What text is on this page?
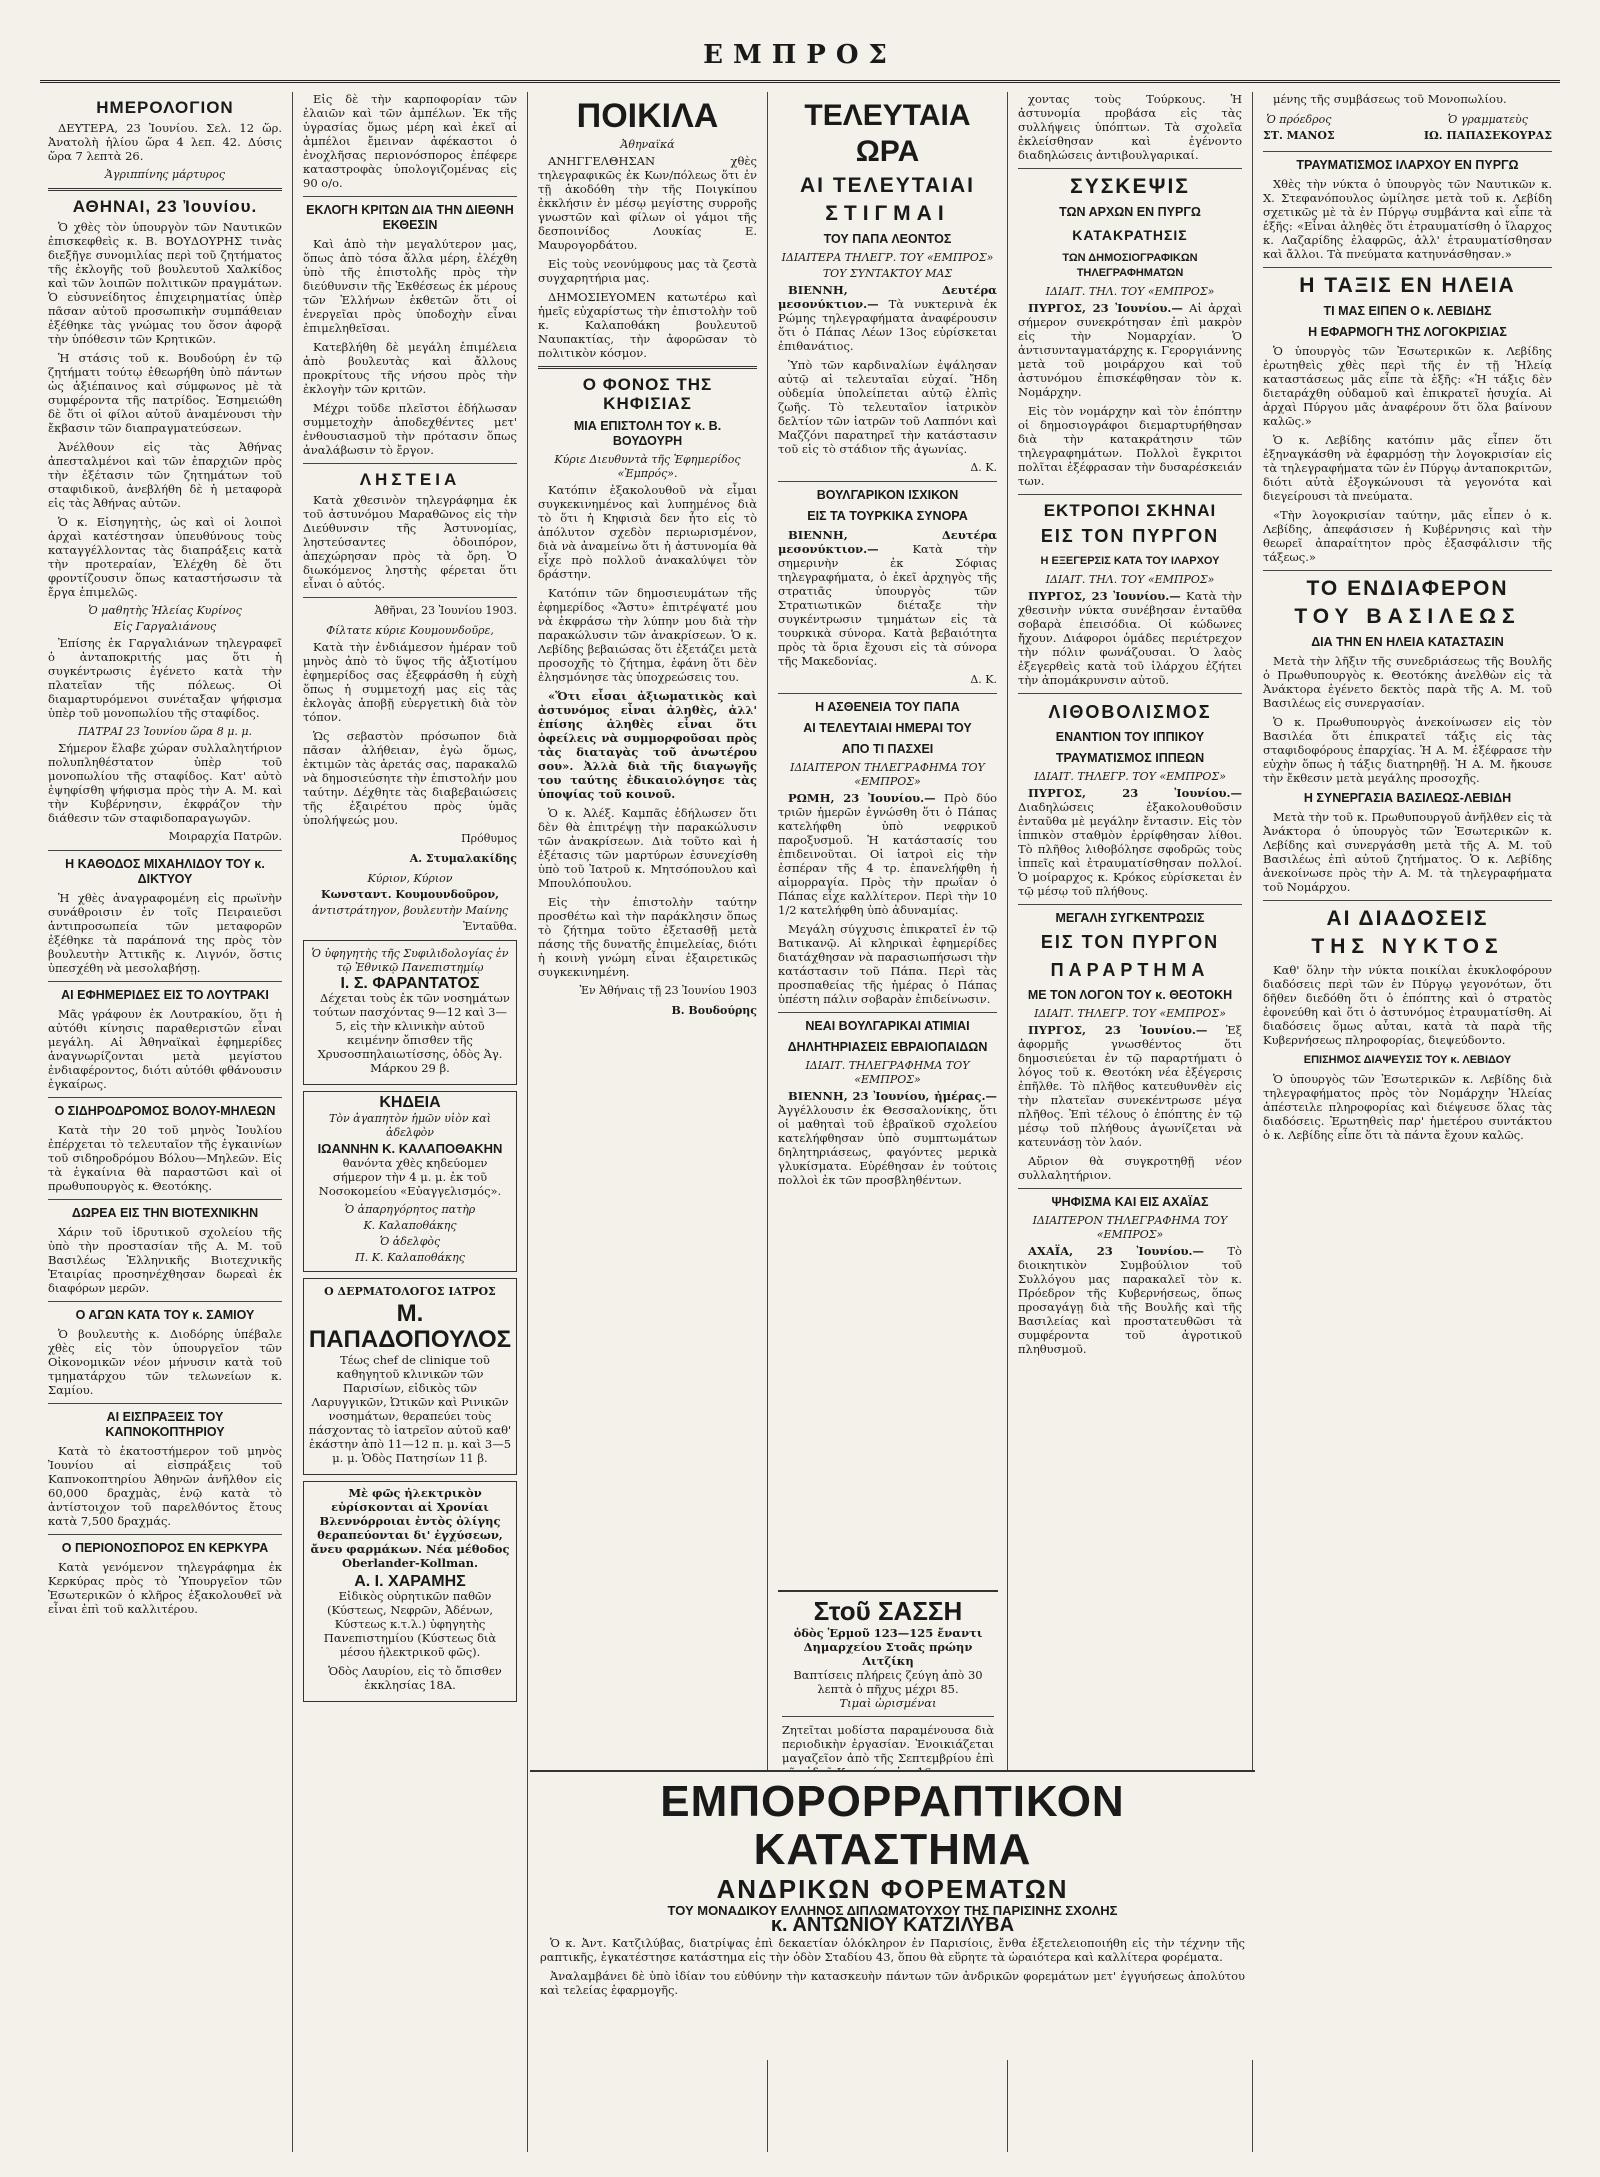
ΕΜΠΡΟΣ
ΗΜΕΡΟΛΟΓΙΟΝ

ΔΕΥΤΕΡΑ, 23 Ἰουνίου. Σελ. 12 ὥρ. Ἀνατολὴ ἡλίου ὥρα 4 λεπ. 42. Δύσις ὥρα 7 λεπτὰ 26.

Ἀγριππίνης μάρτυρος
ΑΘΗΝΑΙ, 23 Ἰουνίου.

Ὁ χθὲς τὸν ὑπουργὸν τῶν Ναυτικῶν ἐπισκεφθεὶς κ. Β. ΒΟΥΔΟΥΡΗΣ τινὰς διεξῆγε συνομιλίας περὶ τοῦ ζητήματος τῆς ἐκλογῆς τοῦ βουλευτοῦ Χαλκίδος καὶ τῶν λοιπῶν πολιτικῶν πραγμάτων. Ὁ εὐσυνείδητος ἐπιχειρηματίας ὑπὲρ πᾶσαν αὐτοῦ προσωπικὴν συμπάθειαν ἐξέθηκε τὰς γνώμας του ὅσον ἀφορᾷ τὴν ὑπόθεσιν τῶν Κρητικῶν.

Ἡ στάσις τοῦ κ. Βουδούρη ἐν τῷ ζητήματι τούτῳ ἐθεωρήθη ὑπὸ πάντων ὡς ἀξιέπαινος καὶ σύμφωνος μὲ τὰ συμφέροντα τῆς πατρίδος. Ἐσημειώθη δὲ ὅτι οἱ φίλοι αὐτοῦ ἀναμένουσι τὴν ἔκβασιν τῶν διαπραγματεύσεων.

Ἀνέλθουν εἰς τὰς Ἀθήνας ἀπεσταλμένοι καὶ τῶν ἐπαρχιῶν πρὸς τὴν ἐξέτασιν τῶν ζητημάτων τοῦ σταφιδικοῦ, ἀνεβλήθη δὲ ἡ μεταφορὰ εἰς τὰς Ἀθήνας αὐτῶν.

Ὁ κ. Εἰσηγητὴς, ὡς καὶ οἱ λοιποὶ ἀρχαὶ κατέστησαν ὑπευθύνους τοὺς καταγγέλλοντας τὰς διαπράξεις κατὰ τὴν προτεραίαν, Ἐλέχθη δὲ ὅτι φροντίζουσιν ὅπως καταστήσωσιν τὰ ἔργα ἐπιμελῶς.

Ὁ μαθητὴς Ἠλείας Κυρίνος
Εἰς Γαργαλιάνους

Ἐπίσης ἐκ Γαργαλιάνων τηλεγραφεῖ ὁ ἀνταποκριτής μας ὅτι ἡ συγκέντρωσις ἐγένετο κατὰ τὴν πλατεῖαν τῆς πόλεως. Οἱ διαμαρτυρόμενοι συνέταξαν ψήφισμα ὑπὲρ τοῦ μονοπωλίου τῆς σταφίδος.

ΠΑΤΡΑΙ 23 Ἰουνίου ὥρα 8 μ. μ.

Σήμερον ἔλαβε χώραν συλλαλητήριον πολυπληθέστατον ὑπὲρ τοῦ μονοπωλίου τῆς σταφίδος. Κατ' αὐτὸ ἐψηφίσθη ψήφισμα πρὸς τὴν Α. Μ. καὶ τὴν Κυβέρνησιν, ἐκφράζον τὴν διάθεσιν τῶν σταφιδοπαραγωγῶν.

Μοιραρχία Πατρῶν.
Η ΚΑΘΟΔΟΣ ΜΙΧΑΗΛΙΔΟΥ ΤΟΥ κ. ΔΙΚΤΥΟΥ

Ἡ χθὲς ἀναγραφομένη εἰς πρωϊνὴν συνάθροισιν ἐν τοῖς Πειραιεῦσι ἀντιπροσωπεία τῶν μεταφορῶν ἐξέθηκε τὰ παράπονά της πρὸς τὸν βουλευτὴν Ἀττικῆς κ. Λιγνόν, ὅστις ὑπεσχέθη νὰ μεσολαβήσῃ.

ΑΙ ΕΦΗΜΕΡΙΔΕΣ ΕΙΣ ΤΟ ΛΟΥΤΡΑΚΙ

Μᾶς γράφουν ἐκ Λουτρακίου, ὅτι ἡ αὐτόθι κίνησις παραθεριστῶν εἶναι μεγάλη. Αἱ Ἀθηναϊκαὶ ἐφημερίδες ἀναγνωρίζονται μετὰ μεγίστου ἐνδιαφέροντος, διότι αὐτόθι φθάνουσιν ἐγκαίρως.

Ο ΣΙΔΗΡΟΔΡΟΜΟΣ ΒΟΛΟΥ-ΜΗΛΕΩΝ

Κατὰ τὴν 20 τοῦ μηνὸς Ἰουλίου ἐπέρχεται τὸ τελευταῖον τῆς ἐγκαινίων τοῦ σιδηροδρόμου Βόλου—Μηλεῶν. Εἰς τὰ ἐγκαίνια θὰ παραστῶσι καὶ οἱ πρωθυπουργὸς κ. Θεοτόκης.

ΔΩΡΕΑ ΕΙΣ ΤΗΝ ΒΙΟΤΕΧΝΙΚΗΝ

Χάριν τοῦ ἱδρυτικοῦ σχολείου τῆς ὑπὸ τὴν προστασίαν τῆς Α. Μ. τοῦ Βασιλέως Ἑλληνικῆς Βιοτεχνικῆς Ἑταιρίας προσηνέχθησαν δωρεαὶ ἐκ διαφόρων μερῶν.

Ο ΑΓΩΝ ΚΑΤΑ ΤΟΥ κ. ΣΑΜΙΟΥ

Ὁ βουλευτὴς κ. Διοδόρης ὑπέβαλε χθὲς εἰς τὸν ὑπουργεῖον τῶν Οἰκονομικῶν νέον μήνυσιν κατὰ τοῦ τμηματάρχου τῶν τελωνείων κ. Σαμίου.

ΑΙ ΕΙΣΠΡΑΞΕΙΣ ΤΟΥ ΚΑΠΝΟΚΟΠΤΗΡΙΟΥ

Κατὰ τὸ ἑκατοστήμερον τοῦ μηνὸς Ἰουνίου αἱ εἰσπράξεις τοῦ Καπνοκοπτηρίου Ἀθηνῶν ἀνῆλθον εἰς 60,000 δραχμὰς, ἐνῷ κατὰ τὸ ἀντίστοιχον τοῦ παρελθόντος ἔτους κατὰ 7,500 δραχμάς.

Ο ΠΕΡΙΟΝΟΣΠΟΡΟΣ ΕΝ ΚΕΡΚΥΡΑ

Κατὰ γενόμενον τηλεγράφημα ἐκ Κερκύρας πρὸς τὸ Ὑπουργεῖον τῶν Ἐσωτερικῶν ὁ κλῆρος ἐξακολουθεῖ νὰ εἶναι ἐπὶ τοῦ καλλιτέρου.

Εἰς δὲ τὴν καρποφορίαν τῶν ἐλαιῶν καὶ τῶν ἀμπέλων. Ἐκ τῆς ὑγρασίας ὅμως μέρη καὶ ἐκεῖ αἱ ἀμπέλοι ἔμειναν ἀφέκαστοι ὁ ἐνοχλῆσας περιονόσπορος ἐπέφερε καταστροφὰς ὑπολογιζομένας εἰς 90 ο/ο.

ΕΚΛΟΓΗ ΚΡΙΤΩΝ ΔΙΑ ΤΗΝ ΔΙΕΘΝΗ ΕΚΘΕΣΙΝ

Καὶ ἀπὸ τὴν μεγαλύτερον μας, ὅπως ἀπὸ τόσα ἄλλα μέρη, ἐλέχθη ὑπὸ τῆς ἐπιστολῆς πρὸς τὴν διεύθυνσιν τῆς Ἐκθέσεως ἐκ μέρους τῶν Ἑλλήνων ἐκθετῶν ὅτι οἱ ἐνεργεῖαι πρὸς ὑποδοχὴν εἶναι ἐπιμεληθεῖσαι.

Κατεβλήθη δὲ μεγάλη ἐπιμέλεια ἀπὸ βουλευτὰς καὶ ἄλλους προκρίτους τῆς νήσου πρὸς τὴν ἐκλογὴν τῶν κριτῶν.

Μέχρι τοῦδε πλεῖστοι ἐδήλωσαν συμμετοχὴν ἀποδεχθέντες μετ' ἐνθουσιασμοῦ τὴν πρότασιν ὅπως ἀναλάβωσιν τὸ ἔργον.

ΛΗΣΤΕΙΑ

Κατὰ χθεσινὸν τηλεγράφημα ἐκ τοῦ ἀστυνόμου Μαραθῶνος εἰς τὴν Διεύθυνσιν τῆς Ἀστυνομίας, ληστεύσαντες ὁδοιπόρον, ἀπεχώρησαν πρὸς τὰ ὄρη. Ὁ διωκόμενος ληστὴς φέρεται ὅτι εἶναι ὁ αὐτός.

Ἀθῆναι, 23 Ἰουνίου 1903.
Φίλτατε κύριε Κουμουνδοῦρε,

Κατὰ τὴν ἐνδιάμεσον ἡμέραν τοῦ μηνὸς ἀπὸ τὸ ὕψος τῆς ἀξιοτίμου ἐφημερίδος σας ἐξεφράσθη ἡ εὐχὴ ὅπως ἡ συμμετοχή μας εἰς τὰς ἐκλογὰς ἀποβῇ εὐεργετικὴ διὰ τὸν τόπον.

Ὡς σεβαστὸν πρόσωπον διὰ πᾶσαν ἀλήθειαν, ἐγὼ ὅμως, ἐκτιμῶν τὰς ἀρετάς σας, παρακαλῶ νὰ δημοσιεύσητε τὴν ἐπιστολήν μου ταύτην. Δέχθητε τὰς διαβεβαιώσεις τῆς ἐξαιρέτου πρὸς ὑμᾶς ὑπολήψεώς μου.

Πρόθυμος
Α. Στυμαλακίδης
Κύριον, Κύριον
Κωνσταντ. Κουμουνδοῦρον,
ἀντιστράτηγον, βουλευτὴν Μαίνης
Ἐνταῦθα.
Ὁ ὑφηγητὴς τῆς Συφιλιδολογίας ἐν τῷ Ἐθνικῷ Πανεπιστημίῳ
Ι. Σ. ΦΑΡΑΝΤΑΤΟΣ

Δέχεται τοὺς ἐκ τῶν νοσημάτων τούτων πασχόντας 9—12 καὶ 3—5, εἰς τὴν κλινικὴν αὐτοῦ κειμένην ὄπισθεν τῆς Χρυσοσπηλαιωτίσσης, ὁδὸς Ἀγ. Μάρκου 29 β.

ΚΗΔΕΙΑ
Τὸν ἀγαπητὸν ἡμῶν υἱὸν καὶ ἀδελφὸν
ΙΩΑΝΝΗΝ Κ. ΚΑΛΑΠΟΘΑΚΗΝ

θανόντα χθὲς κηδεύομεν σήμερον τὴν 4 μ. μ. ἐκ τοῦ Νοσοκομείου «Εὐαγγελισμός».

Ὁ ἀπαρηγόρητος πατὴρ
Κ. Καλαποθάκης
Ὁ ἀδελφὸς
Π. Κ. Καλαποθάκης
Ο ΔΕΡΜΑΤΟΛΟΓΟΣ ΙΑΤΡΟΣ
Μ. ΠΑΠΑΔΟΠΟΥΛΟΣ

Τέως chef de clinique τοῦ καθηγητοῦ κλινικῶν τῶν Παρισίων, εἰδικὸς τῶν Λαρυγγικῶν, Ὠτικῶν καὶ Ρινικῶν νοσημάτων, θεραπεύει τοὺς πάσχοντας τὸ ἰατρεῖον αὐτοῦ καθ' ἑκάστην ἀπὸ 11—12 π. μ. καὶ 3—5 μ. μ. Ὁδὸς Πατησίων 11 β.

Μὲ φῶς ἠλεκτρικὸν εὑρίσκονται αἱ Χρονίαι Βλεννόρροιαι ἐντὸς ὀλίγης θεραπεύονται δι' ἐγχύσεων, ἄνευ φαρμάκων. Νέα μέθοδος Oberlander-Kollman.

Α. Ι. ΧΑΡΑΜΗΣ

Εἰδικὸς οὐρητικῶν παθῶν (Κύστεως, Νεφρῶν, Ἀδένων, Κύστεως κ.τ.λ.) ὑφηγητὴς Πανεπιστημίου (Κύστεως διὰ μέσου ἠλεκτρικοῦ φῶς).

Ὁδὸς Λαυρίου, εἰς τὸ ὄπισθεν ἐκκλησίας 18Α.

ΠΟΙΚΙΛΑ
Ἀθηναϊκά

ΑΝΗΓΓΕΛΘΗΣΑΝ χθὲς τηλεγραφικῶς ἐκ Κων/πόλεως ὅτι ἐν τῇ ἀκοδόθη τὴν τῆς Ποιγκίπου ἐκκλήσιν ἐν μέσῳ μεγίστης συρροῆς γνωστῶν καὶ φίλων οἱ γάμοι τῆς δεσποινίδος Λουκίας Ε. Μαυρογορδάτου.

Εἰς τοὺς νεονύμφους μας τὰ ζεστὰ συγχαρητήρια μας.

ΔΗΜΟΣΙΕΥΟΜΕΝ κατωτέρω καὶ ἡμεῖς εὐχαρίστως τὴν ἐπιστολὴν τοῦ κ. Καλαποθάκη βουλευτοῦ Ναυπακτίας, τὴν ἀφορῶσαν τὸ πολιτικὸν κόσμον.

Ο ΦΟΝΟΣ ΤΗΣ ΚΗΦΙΣΙΑΣ
ΜΙΑ ΕΠΙΣΤΟΛΗ ΤΟΥ κ. Β. ΒΟΥΔΟΥΡΗ
Κύριε Διευθυντὰ τῆς Ἐφημερίδος «Ἐμπρός».

Κατόπιν ἐξακολουθοῦ νὰ εἶμαι συγκεκινημένος καὶ λυπημένος διὰ τὸ ὅτι ἡ Κηφισιὰ δεν ἦτο εἰς τὸ ἀπόλυτον σχεδὸν περιωρισμένον, διὰ νὰ ἀναμείνω ὅτι ἡ ἀστυνομία θὰ εἶχε πρὸ πολλοῦ ἀνακαλύψει τὸν δράστην.

Κατόπιν τῶν δημοσιευμάτων τῆς ἐφημερίδος «Ἄστυ» ἐπιτρέψατέ μου νὰ ἐκφράσω τὴν λύπην μου διὰ τὴν παρακώλυσιν τῶν ἀνακρίσεων. Ὁ κ. Λεβίδης βεβαιώσας ὅτι ἐξετάζει μετὰ προσοχῆς τὸ ζήτημα, ἐφάνη ὅτι δὲν ἐλησμόνησε τὰς ὑποχρεώσεις του.

«Ὅτι εἶσαι ἀξιωματικὸς καὶ ἀστυνόμος εἶναι ἀληθὲς, ἀλλ' ἐπίσης ἀληθὲς εἶναι ὅτι ὀφείλεις νὰ συμμορφοῦσαι πρὸς τὰς διαταγὰς τοῦ ἀνωτέρου σου». Ἀλλὰ διὰ τῆς διαγωγῆς του ταύτης ἐδικαιολόγησε τὰς ὑποψίας τοῦ κοινοῦ.

Ὁ κ. Ἀλέξ. Καμπᾶς ἐδήλωσεν ὅτι δὲν θὰ ἐπιτρέψῃ τὴν παρακώλυσιν τῶν ἀνακρίσεων. Διὰ τοῦτο καὶ ἡ ἐξέτασις τῶν μαρτύρων ἐσυνεχίσθη ὑπὸ τοῦ Ἰατροῦ κ. Μητσόπουλου καὶ Μπουλόπουλου.

Εἰς τὴν ἐπιστολὴν ταύτην προσθέτω καὶ τὴν παράκλησιν ὅπως τὸ ζήτημα τοῦτο ἐξετασθῇ μετὰ πάσης τῆς δυνατῆς ἐπιμελείας, διότι ἡ κοινὴ γνώμη εἶναι ἐξαιρετικῶς συγκεκινημένη.

Ἐν Ἀθήναις τῇ 23 Ἰουνίου 1903
Β. Βουδούρης
ΤΕΛΕΥΤΑΙΑ ΩΡΑ
ΑΙ ΤΕΛΕΥΤΑΙΑΙ
ΣΤΙΓΜΑΙ
ΤΟΥ ΠΑΠΑ ΛΕΟΝΤΟΣ
ΙΔΙΑΙΤΕΡΑ ΤΗΛΕΓΡ. ΤΟΥ «ΕΜΠΡΟΣ»
ΤΟΥ ΣΥΝΤΑΚΤΟΥ ΜΑΣ

ΒΙΕΝΝΗ, Δευτέρα μεσονύκτιον.— Τὰ νυκτερινὰ ἐκ Ρώμης τηλεγραφήματα ἀναφέρουσιν ὅτι ὁ Πάπας Λέων 13ος εὑρίσκεται ἐπιθανάτιος.

Ὑπὸ τῶν καρδιναλίων ἐψάλησαν αὐτῷ αἱ τελευταῖαι εὐχαί. Ἤδη οὐδεμία ὑπολείπεται αὐτῷ ἐλπὶς ζωῆς. Τὸ τελευταῖον ἰατρικὸν δελτίον τῶν ἰατρῶν τοῦ Λαππόνι καὶ Μαζζόνι παρατηρεῖ τὴν κατάστασιν τοῦ εἰς τὸ στάδιον τῆς ἀγωνίας.

Δ. Κ.
ΒΟΥΛΓΑΡΙΚΟΝ ΙΣΧΙΚΟΝ
ΕΙΣ ΤΑ ΤΟΥΡΚΙΚΑ ΣΥΝΟΡΑ

ΒΙΕΝΝΗ, Δευτέρα μεσονύκτιον.—	Κατὰ τὴν σημερινὴν ἐκ Σόφιας τηλεγραφήματα, ὁ ἐκεῖ ἀρχηγὸς τῆς στρατιᾶς ὑπουργὸς τῶν Στρατιωτικῶν διέταξε τὴν συγκέντρωσιν τμημάτων εἰς τὰ τουρκικὰ σύνορα. Κατὰ βεβαιότητα πρὸς τὰ ὅρια ἔχουσι εἰς τὰ σύνορα τῆς Μακεδονίας.

Δ. Κ.
Η ΑΣΘΕΝΕΙΑ ΤΟΥ ΠΑΠΑ
ΑΙ ΤΕΛΕΥΤΑΙΑΙ ΗΜΕΡΑΙ ΤΟΥ
ΑΠΟ ΤΙ ΠΑΣΧΕΙ
ΙΔΙΑΙΤΕΡΟΝ ΤΗΛΕΓΡΑΦΗΜΑ ΤΟΥ «ΕΜΠΡΟΣ»

ΡΩΜΗ, 23 Ἰουνίου.— Πρὸ δύο τριῶν ἡμερῶν ἐγνώσθη ὅτι ὁ Πάπας κατελήφθη ὑπὸ νεφρικοῦ παροξυσμοῦ. Ἡ κατάστασίς του ἐπιδεινοῦται. Οἱ ἰατροὶ εἰς τὴν ἐσπέραν τῆς 4 τρ. ἐπανελήφθη ἡ αἱμορραγία. Πρὸς τὴν πρωΐαν ὁ Πάπας εἶχε καλλίτερον. Περὶ τὴν 10 1/2 κατελήφθη ὑπὸ ἀδυναμίας.

Μεγάλη σύγχυσις ἐπικρατεῖ ἐν τῷ Βατικανῷ. Αἱ κληρικαὶ ἐφημερίδες διατάχθησαν νὰ παρασιωπήσωσι τὴν κατάστασιν τοῦ Πάπα. Περὶ τὰς προσπαθείας τῆς ἡμέρας ὁ Πάπας ὑπέστη πάλιν σοβαρὰν ἐπιδείνωσιν.

ΝΕΑΙ ΒΟΥΛΓΑΡΙΚΑΙ ΑΤΙΜΙΑΙ
ΔΗΛΗΤΗΡΙΑΣΕΙΣ ΕΒΡΑΙΟΠΑΙΔΩΝ
ΙΔΙΑΙΤ. ΤΗΛΕΓΡΑΦΗΜΑ ΤΟΥ «ΕΜΠΡΟΣ»

ΒΙΕΝΝΗ, 23 Ἰουνίου, ἡμέρας.— Ἀγγέλλουσιν ἐκ Θεσσαλονίκης, ὅτι οἱ μαθηταὶ τοῦ ἑβραϊκοῦ σχολείου κατελήφθησαν ὑπὸ συμπτωμάτων δηλητηριάσεως, φαγόντες μερικὰ γλυκίσματα. Εὑρέθησαν ἐν τούτοις πολλοὶ ἐκ τῶν προσβληθέντων.

χοντας τοὺς Τούρκους. Ἡ ἀστυνομία προβάσα εἰς τὰς συλλήψεις ὑπόπτων. Τὰ σχολεῖα ἐκλείσθησαν καὶ ἐγένοντο διαδηλώσεις ἀντιβουλγαρικαί.

ΣΥΣΚΕΨΙΣ
ΤΩΝ ΑΡΧΩΝ ΕΝ ΠΥΡΓΩ
ΚΑΤΑΚΡΑΤΗΣΙΣ
ΤΩΝ ΔΗΜΟΣΙΟΓΡΑΦΙΚΩΝ ΤΗΛΕΓΡΑΦΗΜΑΤΩΝ
ΙΔΙΑΙΤ. ΤΗΛ. ΤΟΥ «ΕΜΠΡΟΣ»

ΠΥΡΓΟΣ, 23 Ἰουνίου.— Αἱ ἀρχαὶ σήμερον συνεκρότησαν ἐπὶ μακρὸν εἰς τὴν Νομαρχίαν. Ὁ ἀντισυνταγματάρχης κ. Γεροργιάννης μετὰ τοῦ μοιράρχου καὶ τοῦ ἀστυνόμου ἐπισκέφθησαν τὸν κ. Νομάρχην.

Εἰς τὸν νομάρχην καὶ τὸν ἐπόπτην οἱ δημοσιογράφοι διεμαρτυρήθησαν διὰ τὴν κατακράτησιν τῶν τηλεγραφημάτων. Πολλοὶ ἔγκριτοι πολῖται ἐξέφρασαν τὴν δυσαρέσκειάν των.

ΕΚΤΡΟΠΟΙ ΣΚΗΝΑΙ
ΕΙΣ ΤΟΝ ΠΥΡΓΟΝ
Η ΕΞΕΓΕΡΣΙΣ ΚΑΤΑ ΤΟΥ ΙΛΑΡΧΟΥ
ΙΔΙΑΙΤ. ΤΗΛ. ΤΟΥ «ΕΜΠΡΟΣ»

ΠΥΡΓΟΣ, 23 Ἰουνίου.— Κατὰ τὴν χθεσινὴν νύκτα συνέβησαν ἐνταῦθα σοβαρὰ ἐπεισόδια. Οἱ κώδωνες ἤχουν. Διάφοροι ὁμάδες περιέτρεχον τὴν πόλιν φωνάζουσαι. Ὁ λαὸς ἐξεγερθεὶς κατὰ τοῦ ἰλάρχου ἐζήτει τὴν ἀπομάκρυνσιν αὐτοῦ.

ΛΙΘΟΒΟΛΙΣΜΟΣ
ΕΝΑΝΤΙΟΝ ΤΟΥ ΙΠΠΙΚΟΥ
ΤΡΑΥΜΑΤΙΣΜΟΣ ΙΠΠΕΩΝ
ΙΔΙΑΙΤ. ΤΗΛΕΓΡ. ΤΟΥ «ΕΜΠΡΟΣ»

ΠΥΡΓΟΣ, 23 Ἰουνίου.— Διαδηλώσεις ἐξακολουθοῦσιν ἐνταῦθα μὲ μεγάλην ἔντασιν. Εἰς τὸν ἱππικὸν σταθμὸν ἐρρίφθησαν λίθοι. Τὸ πλῆθος λιθοβόλησε σφοδρῶς τοὺς ἱππεῖς καὶ ἐτραυματίσθησαν πολλοί. Ὁ μοίραρχος κ. Κρόκος εὑρίσκεται ἐν τῷ μέσῳ τοῦ πλήθους.

ΜΕΓΑΛΗ ΣΥΓΚΕΝΤΡΩΣΙΣ
ΕΙΣ ΤΟΝ ΠΥΡΓΟΝ
ΠΑΡΑΡΤΗΜΑ
ΜΕ ΤΟΝ ΛΟΓΟΝ ΤΟΥ κ. ΘΕΟΤΟΚΗ
ΙΔΙΑΙΤ. ΤΗΛΕΓΡ. ΤΟΥ «ΕΜΠΡΟΣ»

ΠΥΡΓΟΣ, 23 Ἰουνίου.— Ἐξ ἀφορμῆς γνωσθέντος ὅτι δημοσιεύεται ἐν τῷ παραρτήματι ὁ λόγος τοῦ κ. Θεοτόκη νέα ἐξέγερσις ἐπῆλθε. Τὸ πλῆθος κατευθυνθὲν εἰς τὴν πλατεῖαν συνεκέντρωσε μέγα πλῆθος. Ἐπὶ τέλους ὁ ἐπόπτης ἐν τῷ μέσῳ τοῦ πλήθους ἀγωνίζεται νὰ κατευνάσῃ τὸν λαόν.

Αὔριον θὰ συγκροτηθῇ νέον συλλαλητήριον.

ΨΗΦΙΣΜΑ ΚΑΙ ΕΙΣ ΑΧΑΪΑΣ
ΙΔΙΑΙΤΕΡΟΝ ΤΗΛΕΓΡΑΦΗΜΑ ΤΟΥ «ΕΜΠΡΟΣ»

ΑΧΑΪΑ, 23 Ἰουνίου.— Τὸ διοικητικὸν Συμβούλιον τοῦ Συλλόγου μας παρακαλεῖ τὸν κ. Πρόεδρον τῆς Κυβερνήσεως, ὅπως προσαγάγῃ διὰ τῆς Βουλῆς καὶ τῆς Βασιλείας καὶ προστατευθῶσι τὰ συμφέροντα τοῦ ἀγροτικοῦ πληθυσμοῦ.

μένης τῆς συμβάσεως τοῦ Μονοπωλίου.

Ὁ πρόεδρος
ΣΤ. ΜΑΝΟΣ
Ὁ γραμματεὺς
ΙΩ. ΠΑΠΑΣΕΚΟΥΡΑΣ
ΤΡΑΥΜΑΤΙΣΜΟΣ ΙΛΑΡΧΟΥ ΕΝ ΠΥΡΓΩ

Χθὲς τὴν νύκτα ὁ ὑπουργὸς τῶν Ναυτικῶν κ. Χ. Στεφανόπουλος ὡμίλησε μετὰ τοῦ κ. Λεβίδη σχετικῶς μὲ τὰ ἐν Πύργῳ συμβάντα καὶ εἶπε τὰ ἑξῆς: «Εἶναι ἀληθὲς ὅτι ἐτραυματίσθη ὁ ἴλαρχος κ. Λαζαρίδης ἐλαφρῶς, ἀλλ' ἐτραυματίσθησαν καὶ ἄλλοι. Τὰ πνεύματα κατηυνάσθησαν.»

Η ΤΑΞΙΣ ΕΝ ΗΛΕΙΑ
ΤΙ ΜΑΣ ΕΙΠΕΝ Ο κ. ΛΕΒΙΔΗΣ
Η ΕΦΑΡΜΟΓΗ ΤΗΣ ΛΟΓΟΚΡΙΣΙΑΣ

Ὁ ὑπουργὸς τῶν Ἐσωτερικῶν κ. Λεβίδης ἐρωτηθεὶς χθὲς περὶ τῆς ἐν τῇ Ἠλείᾳ καταστάσεως μᾶς εἶπε τὰ ἑξῆς: «Ἡ τάξις δὲν διεταράχθη οὐδαμοῦ καὶ ἐπικρατεῖ ἡσυχία. Αἱ ἀρχαὶ Πύργου μᾶς ἀναφέρουν ὅτι ὅλα βαίνουν καλῶς.»

Ὁ κ. Λεβίδης κατόπιν μᾶς εἶπεν ὅτι ἐξηναγκάσθη νὰ ἐφαρμόσῃ τὴν λογοκρισίαν εἰς τὰ τηλεγραφήματα τῶν ἐν Πύργῳ ἀνταποκριτῶν, διότι αὐτὰ ἐξογκώνουσι τὰ γεγονότα καὶ διεγείρουσι τὰ πνεύματα.

«Τὴν λογοκρισίαν ταύτην, μᾶς εἶπεν ὁ κ. Λεβίδης, ἀπεφάσισεν ἡ Κυβέρνησις καὶ τὴν θεωρεῖ ἀπαραίτητον πρὸς ἐξασφάλισιν τῆς τάξεως.»

ΤΟ ΕΝΔΙΑΦΕΡΟΝ
ΤΟΥ ΒΑΣΙΛΕΩΣ
ΔΙΑ ΤΗΝ ΕΝ ΗΛΕΙΑ ΚΑΤΑΣΤΑΣΙΝ

Μετὰ τὴν λῆξιν τῆς συνεδριάσεως τῆς Βουλῆς ὁ Πρωθυπουργὸς κ. Θεοτόκης ἀνελθὼν εἰς τὰ Ἀνάκτορα ἐγένετο δεκτὸς παρὰ τῆς Α. Μ. τοῦ Βασιλέως εἰς συνεργασίαν.

Ὁ κ. Πρωθυπουργὸς ἀνεκοίνωσεν εἰς τὸν Βασιλέα ὅτι ἐπικρατεῖ τάξις εἰς τὰς σταφιδοφόρους ἐπαρχίας. Ἡ Α. Μ. ἐξέφρασε τὴν εὐχὴν ὅπως ἡ τάξις διατηρηθῇ. Ἡ Α. Μ. ἤκουσε τὴν ἔκθεσιν μετὰ μεγάλης προσοχῆς.

Η ΣΥΝΕΡΓΑΣΙΑ ΒΑΣΙΛΕΩΣ-ΛΕΒΙΔΗ

Μετὰ τὴν τοῦ κ. Πρωθυπουργοῦ ἀνῆλθεν εἰς τὰ Ἀνάκτορα ὁ ὑπουργὸς τῶν Ἐσωτερικῶν κ. Λεβίδης καὶ συνεργάσθη μετὰ τῆς Α. Μ. τοῦ Βασιλέως ἐπὶ αὐτοῦ ζητήματος. Ὁ κ. Λεβίδης ἀνεκοίνωσε πρὸς τὴν Α. Μ. τὰ τηλεγραφήματα τοῦ Νομάρχου.

ΑΙ ΔΙΑΔΟΣΕΙΣ
ΤΗΣ ΝΥΚΤΟΣ

Καθ' ὅλην τὴν νύκτα ποικίλαι ἐκυκλοφόρουν διαδόσεις περὶ τῶν ἐν Πύργῳ γεγονότων, ὅτι δῆθεν διεδόθη ὅτι ὁ ἐπόπτης καὶ ὁ στρατὸς ἐφονεύθη καὶ ὅτι ὁ ἀστυνόμος ἐτραυματίσθη. Αἱ διαδόσεις ὅμως αὗται, κατὰ τὰ παρὰ τῆς Κυβερνήσεως πληροφορίας, διεψεύδοντο.

ΕΠΙΣΗΜΟΣ ΔΙΑΨΕΥΣΙΣ ΤΟΥ κ. ΛΕΒΙΔΟΥ

Ὁ ὑπουργὸς τῶν Ἐσωτερικῶν κ. Λεβίδης διὰ τηλεγραφήματος πρὸς τὸν Νομάρχην Ἠλείας ἀπέστειλε πληροφορίας καὶ διέψευσε ὅλας τὰς διαδόσεις. Ἐρωτηθεὶς παρ' ἡμετέρου συντάκτου ὁ κ. Λεβίδης εἶπε ὅτι τὰ πάντα ἔχουν καλῶς.

Στοῦ ΣΑΣΣΗ
ὁδὸς Ἑρμοῦ 123—125 ἔναντι Δημαρχείου Στοᾶς πρώην Λιτζίκη
Βαπτίσεις πλήρεις ζεύγη ἀπὸ 30 λεπτὰ ὁ πῆχυς μέχρι 85.
Τιμαὶ ὡρισμέναι
Ζητεῖται μοδίστα παραμένουσα διὰ περιοδικὴν ἐργασίαν. Ἐνοικιάζεται μαγαζεῖον ἀπὸ τῆς Σεπτεμβρίου ἐπὶ
ΕΜΠΟΡΟΡΡΑΠΤΙΚΟΝ ΚΑΤΑΣΤΗΜΑ
ΑΝΔΡΙΚΩΝ ΦΟΡΕΜΑΤΩΝ
ΤΟΥ ΜΟΝΑΔΙΚΟΥ ΕΛΛΗΝΟΣ ΔΙΠΛΩΜΑΤΟΥΧΟΥ ΤΗΣ ΠΑΡΙΣΙΝΗΣ ΣΧΟΛΗΣ
κ. ΑΝΤΩΝΙΟΥ ΚΑΤΖΙΛΥΒΑ

Ὁ κ. Ἀντ. Κατζιλύβας, διατρίψας ἐπὶ δεκαετίαν ὁλόκληρον ἐν Παρισίοις, ἔνθα ἐξετελειοποιήθη εἰς τὴν τέχνην τῆς ραπτικῆς, ἐγκατέστησε κατάστημα εἰς τὴν ὁδὸν Σταδίου 43, ὅπου θὰ εὕρητε τὰ ὡραιότερα καὶ καλλίτερα φορέματα.

Ἀναλαμβάνει δὲ ὑπὸ ἰδίαν του εὐθύνην τὴν κατασκευὴν πάντων τῶν ἀνδρικῶν φορεμάτων μετ' ἐγγυήσεως ἀπολύτου καὶ τελείας ἐφαρμογῆς.
